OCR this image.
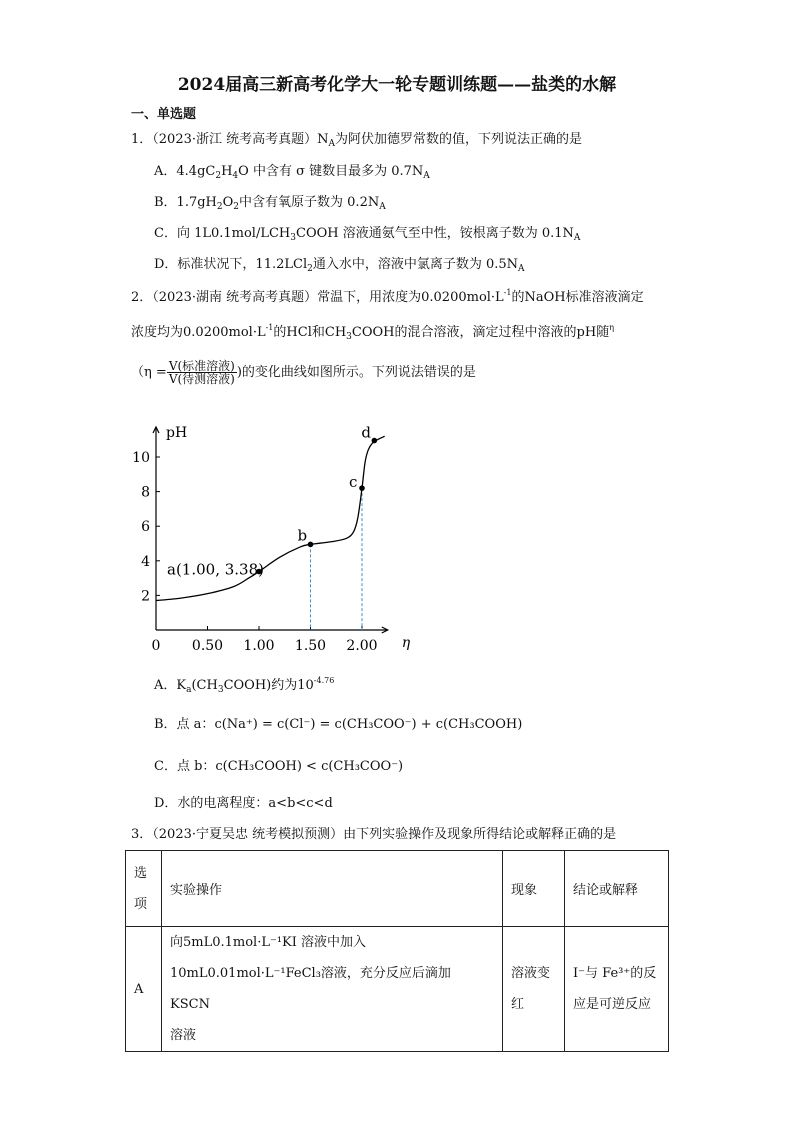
2024届高三新高考化学大一轮专题训练题——盐类的水解
一、单选题
1．（2023·浙江 统考高考真题）$N_A$为阿伏加德罗常数的值，下列说法正确的是
A．$4.4gC_2H_4O$ 中含有 σ 键数目最多为 $0.7N_A$
B．$1.7gH_2O_2$中含有氧原子数为 $0.2N_A$
C．向 $1L0.1mol/LCH_3COOH$ 溶液通氨气至中性，铵根离子数为 $0.1N_A$
D．标准状况下，11.2LCl$_2$通入水中，溶液中氯离子数为 $0.5N_A$
2．（2023·湖南 统考高考真题）常温下，用浓度为$0.0200mol\cdot L^{-1}$的NaOH标准溶液滴定
浓度均为$0.0200mol\cdot L^{-1}$的HCl和$CH_3COOH$的混合溶液，滴定过程中溶液的pH随$^\eta$
（$\eta = \frac{\text{V(标准溶液)}}{\text{V(待测溶液)}}$ )的变化曲线如图所示。下列说法错误的是
pH
η
0 0.50 1.00 1.50 2.00
2
4
6
8
10
a(1.00, 3.38)
b
c
d
A．$K_a(CH_3COOH)$约为$10^{-4.76}$
B．点 a：c(Na⁺) = c(Cl⁻) = c(CH₃COO⁻) + c(CH₃COOH)
C．点 b：c(CH₃COOH) < c(CH₃COO⁻)
D．水的电离程度：a<b<c<d
3．（2023·宁夏吴忠 统考模拟预测）由下列实验操作及现象所得结论或解释正确的是
选项	实验操作	现象	结论或解释
A	向5mL0.1mol·L⁻¹KI 溶液中加入
10mL0.01mol·L⁻¹FeCl₃溶液，充分反应后滴加 KSCN
溶液	溶液变红	I⁻与 Fe³⁺的反应是可逆反应
